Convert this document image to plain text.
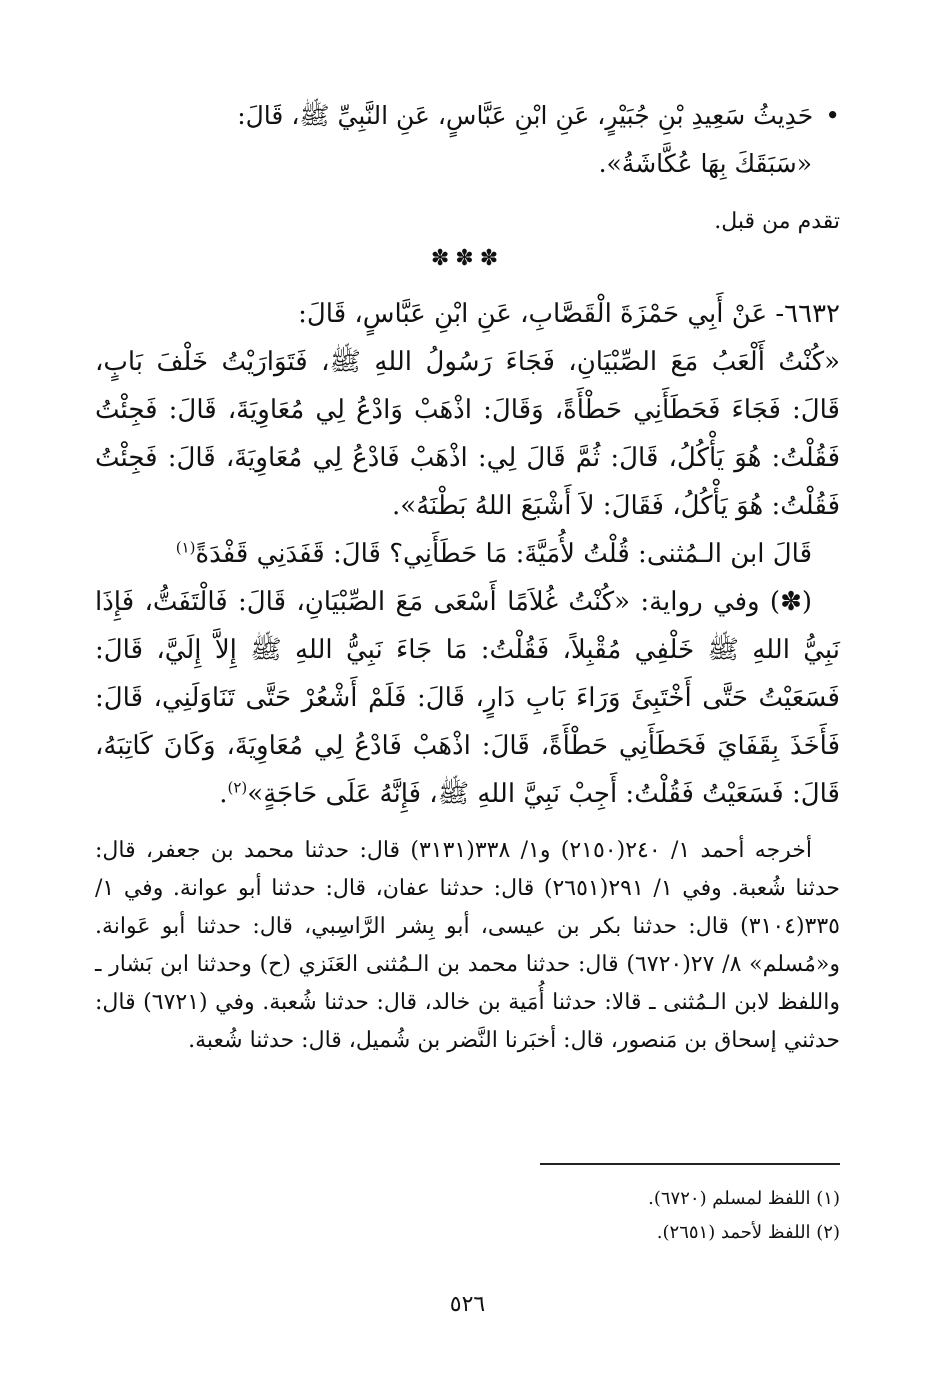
•حَدِيثُ سَعِيدِ بْنِ جُبَيْرٍ، عَنِ ابْنِ عَبَّاسٍ، عَنِ النَّبِيِّ ﷺ، قَالَ:
«سَبَقَكَ بِهَا عُكَّاشَةُ».
تقدم من قبل.
✽✽✽

٦٦٣٢- عَنْ أَبِي حَمْزَةَ الْقَصَّابِ، عَنِ ابْنِ عَبَّاسٍ، قَالَ:

«كُنْتُ أَلْعَبُ مَعَ الصِّبْيَانِ، فَجَاءَ رَسُولُ اللهِ ﷺ، فَتَوَارَيْتُ خَلْفَ بَابٍ، قَالَ: فَجَاءَ فَحَطَأَنِي حَطْأَةً، وَقَالَ: اذْهَبْ وَادْعُ لِي مُعَاوِيَةَ، قَالَ: فَجِئْتُ فَقُلْتُ: هُوَ يَأْكُلُ، قَالَ: ثُمَّ قَالَ لِي: اذْهَبْ فَادْعُ لِي مُعَاوِيَةَ، قَالَ: فَجِئْتُ فَقُلْتُ: هُوَ يَأْكُلُ، فَقَالَ: لاَ أَشْبَعَ اللهُ بَطْنَهُ».

قَالَ ابن الـمُثنى: قُلْتُ لأُمَيَّةَ: مَا حَطَأَنِي؟ قَالَ: قَفَدَنِي قَفْدَةً$^{(١)}$

(✽) وفي رواية: «كُنْتُ غُلاَمًا أَسْعَى مَعَ الصِّبْيَانِ، قَالَ: فَالْتَفَتُّ، فَإِذَا نَبِيُّ اللهِ ﷺ خَلْفِي مُقْبِلاً، فَقُلْتُ: مَا جَاءَ نَبِيُّ اللهِ ﷺ إِلاَّ إِلَيَّ، قَالَ: فَسَعَيْتُ حَتَّى أَخْتَبِئَ وَرَاءَ بَابِ دَارٍ، قَالَ: فَلَمْ أَشْعُرْ حَتَّى تَنَاوَلَنِي، قَالَ: فَأَخَذَ بِقَفَايَ فَحَطَأَنِي حَطْأَةً، قَالَ: اذْهَبْ فَادْعُ لِي مُعَاوِيَةَ، وَكَانَ كَاتِبَهُ، قَالَ: فَسَعَيْتُ فَقُلْتُ: أَجِبْ نَبِيَّ اللهِ ﷺ، فَإِنَّهُ عَلَى حَاجَةٍ»$^{(٢)}$.

أخرجه أحمد ١/ ٢٤٠(٢١٥٠) و١/ ٣٣٨(٣١٣١) قال: حدثنا محمد بن جعفر، قال: حدثنا شُعبة. وفي ١/ ٢٩١(٢٦٥١) قال: حدثنا عفان، قال: حدثنا أبو عوانة. وفي ١/ ٣٣٥(٣١٠٤) قال: حدثنا بكر بن عيسى، أبو بِشر الرَّاسِبي، قال: حدثنا أبو عَوانة. و«مُسلم» ٨/ ٢٧(٦٧٢٠) قال: حدثنا محمد بن الـمُثنى العَنَزي (ح) وحدثنا ابن بَشار ـ واللفظ لابن الـمُثنى ـ قالا: حدثنا أُمَية بن خالد، قال: حدثنا شُعبة. وفي (٦٧٢١) قال: حدثني إسحاق بن مَنصور، قال: أخبَرنا النَّضر بن شُميل، قال: حدثنا شُعبة.

(١) اللفظ لمسلم (٦٧٢٠).
(٢) اللفظ لأحمد (٢٦٥١).
٥٢٦
